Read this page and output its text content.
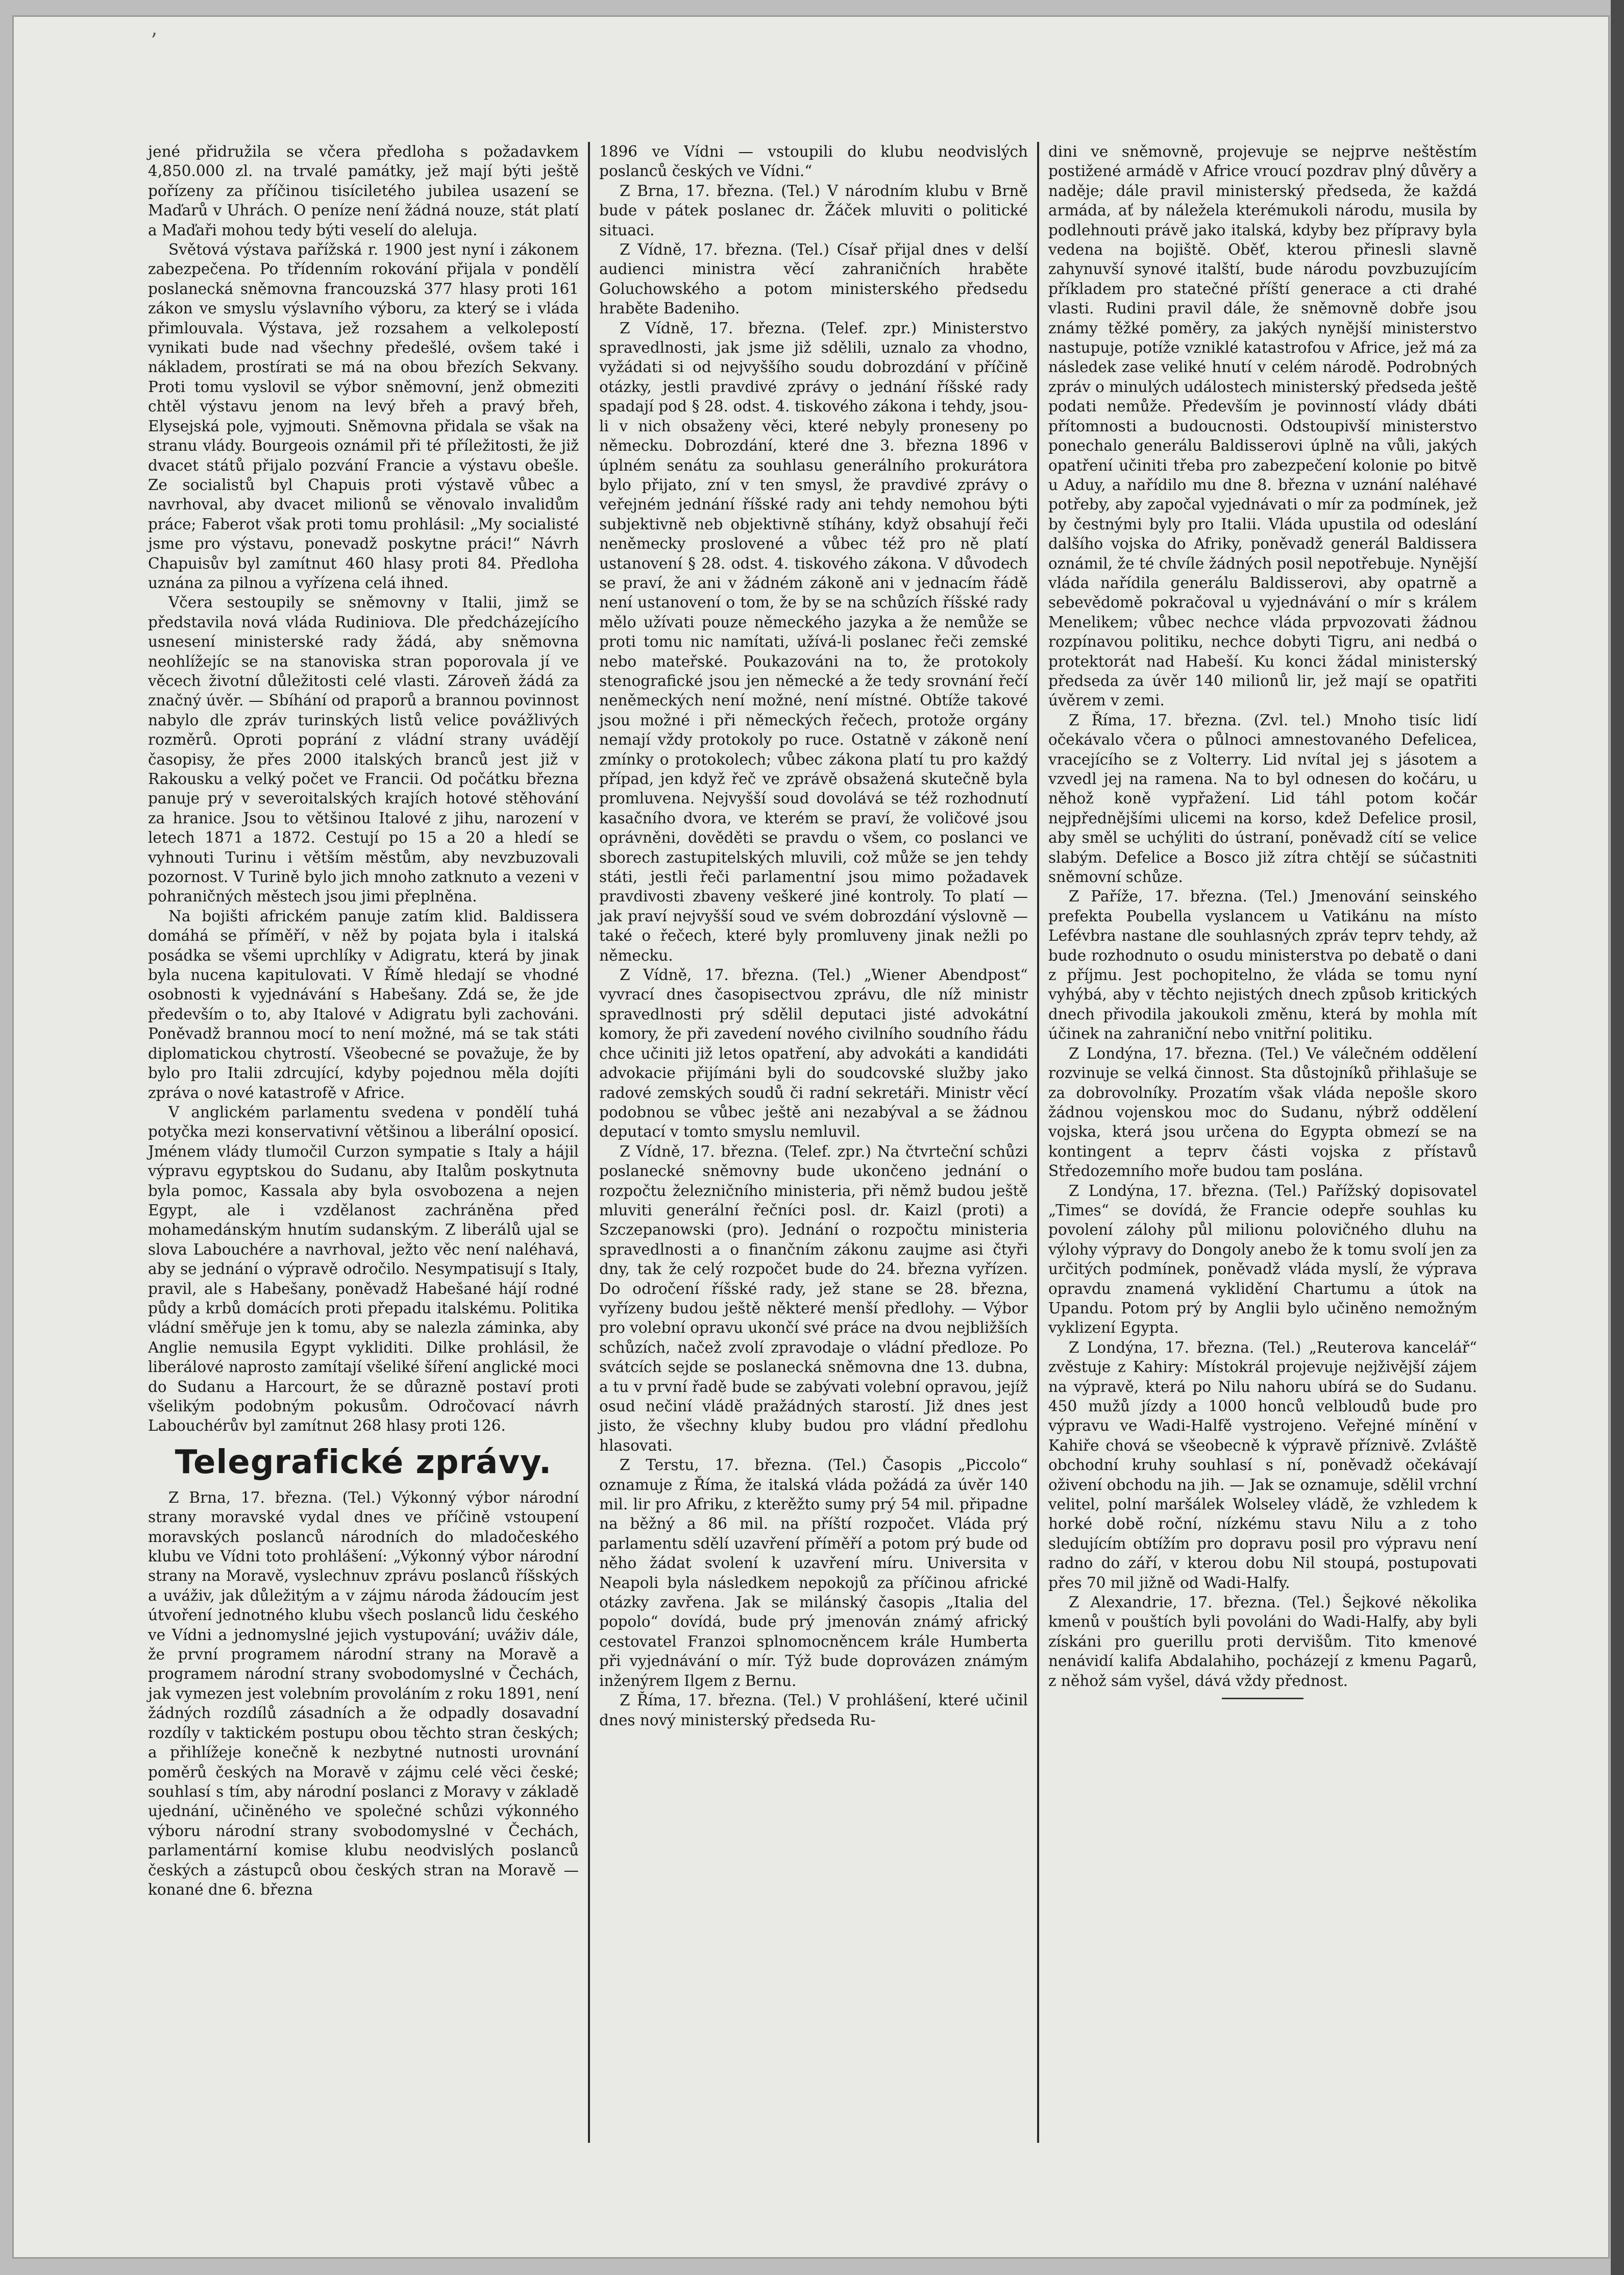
ʼ

jené přidružila se včera předloha s požadavkem 4,850.000 zl. na trvalé památky, jež mají býti ještě pořízeny za příčinou tisíciletého jubilea usazení se Maďarů v Uhrách. O peníze není žádná nouze, stát platí a Maďaři mohou tedy býti veselí do aleluja.

Světová výstava pařížská r. 1900 jest nyní i zákonem zabezpečena. Po třídenním rokování přijala v pondělí poslanecká sněmovna francouzská 377 hlasy proti 161 zákon ve smyslu výslavního výboru, za který se i vláda přimlouvala. Výstava, jež rozsahem a velkolepostí vynikati bude nad všechny předešlé, ovšem také i nákladem, prostírati se má na obou březích Sekvany. Proti tomu vyslovil se výbor sněmovní, jenž obmeziti chtěl výstavu jenom na levý břeh a pravý břeh, Elysejská pole, vyjmouti. Sněmovna přidala se však na stranu vlády. Bourgeois oznámil při té příležitosti, že již dvacet států přijalo pozvání Francie a výstavu obešle. Ze socialistů byl Chapuis proti výstavě vůbec a navrhoval, aby dvacet milionů se věnovalo invalidům práce; Faberot však proti tomu prohlásil: „My socialisté jsme pro výstavu, ponevadž poskytne práci!“ Návrh Chapuisův byl zamítnut 460 hlasy proti 84. Předloha uznána za pilnou a vyřízena celá ihned.

Včera sestoupily se sněmovny v Italii, jimž se představila nová vláda Rudiniova. Dle předcházejícího usnesení ministerské rady žádá, aby sněmovna neohlížejíc se na stanoviska stran poporovala jí ve věcech životní důležitosti celé vlasti. Zároveň žádá za značný úvěr. — Sbíhání od praporů a brannou povinnost nabylo dle zpráv turinských listů velice povážlivých rozměrů. Oproti poprání z vládní strany uvádějí časopisy, že přes 2000 italských branců jest již v Rakousku a velký počet ve Francii. Od počátku března panuje prý v severoitalských krajích hotové stěhování za hranice. Jsou to většinou Italové z jihu, narození v letech 1871 a 1872. Cestují po 15 a 20 a hledí se vyhnouti Turinu i větším městům, aby nevzbuzovali pozornost. V Turině bylo jich mnoho zatknuto a vezeni v pohraničných městech jsou jimi přeplněna.

Na bojišti africkém panuje zatím klid. Baldissera domáhá se příměří, v něž by pojata byla i italská posádka se všemi uprchlíky v Adigratu, která by jinak byla nucena kapitulovati. V Římě hledají se vhodné osobnosti k vyjednávání s Habešany. Zdá se, že jde především o to, aby Italové v Adigratu byli zachováni. Poněvadž brannou mocí to není možné, má se tak státi diplomatickou chytrostí. Všeobecné se považuje, že by bylo pro Italii zdrcující, kdyby pojednou měla dojíti zpráva o nové katastrofě v Africe.

V anglickém parlamentu svedena v pondělí tuhá potyčka mezi konservativní většinou a liberální oposicí. Jménem vlády tlumočil Curzon sympatie s Italy a hájil výpravu egyptskou do Sudanu, aby Italům poskytnuta byla pomoc, Kassala aby byla osvobozena a nejen Egypt, ale i vzdělanost zachráněna před mohamedánským hnutím sudanským. Z liberálů ujal se slova Labouchére a navrhoval, ježto věc není naléhavá, aby se jednání o výpravě odročilo. Nesympatisují s Italy, pravil, ale s Habešany, poněvadž Habešané hájí rodné půdy a krbů domácích proti přepadu italskému. Politika vládní směřuje jen k tomu, aby se nalezla záminka, aby Anglie nemusila Egypt vykliditi. Dilke prohlásil, že liberálové naprosto zamítají všeliké šíření anglické moci do Sudanu a Harcourt, že se důrazně postaví proti všelikým podobným pokusům. Odročovací návrh Labouchérův byl zamítnut 268 hlasy proti 126.

Telegrafické zprávy.

Z Brna, 17. března. (Tel.) Výkonný výbor národní strany moravské vydal dnes ve příčině vstoupení moravských poslanců národních do mladočeského klubu ve Vídni toto prohlášení: „Výkonný výbor národní strany na Moravě, vyslechnuv zprávu poslanců říšských a uváživ, jak důležitým a v zájmu národa žádoucím jest útvoření jednotného klubu všech poslanců lidu českého ve Vídni a jednomyslné jejich vystupování; uváživ dále, že první programem národní strany na Moravě a programem národní strany svobodomyslné v Čechách, jak vymezen jest volebním provoláním z roku 1891, není žádných rozdílů zásadních a že odpadly dosavadní rozdíly v taktickém postupu obou těchto stran českých; a přihlížeje konečně k nezbytné nutnosti urovnání poměrů českých na Moravě v zájmu celé věci české; souhlasí s tím, aby národní poslanci z Moravy v základě ujednání, učiněného ve společné schůzi výkonného výboru národní strany svobodomyslné v Čechách, parlamentární komise klubu neodvislých poslanců českých a zástupců obou českých stran na Moravě — konané dne 6. března

1896 ve Vídni — vstoupili do klubu neodvislých poslanců českých ve Vídni.“

Z Brna, 17. března. (Tel.) V národním klubu v Brně bude v pátek poslanec dr. Žáček mluviti o politické situaci.

Z Vídně, 17. března. (Tel.) Císař přijal dnes v delší audienci ministra věcí zahraničních hraběte Goluchowského a potom ministerského předsedu hraběte Badeniho.

Z Vídně, 17. března. (Telef. zpr.) Ministerstvo spravedlnosti, jak jsme již sdělili, uznalo za vhodno, vyžádati si od nejvyššího soudu dobrozdání v příčině otázky, jestli pravdivé zprávy o jednání říšské rady spadají pod § 28. odst. 4. tiskového zákona i tehdy, jsou-li v nich obsaženy věci, které nebyly proneseny po německu. Dobrozdání, které dne 3. března 1896 v úplném senátu za souhlasu generálního prokurátora bylo přijato, zní v ten smysl, že pravdivé zprávy o veřejném jednání říšské rady ani tehdy nemohou býti subjektivně neb objektivně stíhány, když obsahují řeči neněmecky proslovené a vůbec též pro ně platí ustanovení § 28. odst. 4. tiskového zákona. V důvodech se praví, že ani v žádném zákoně ani v jednacím řádě není ustanovení o tom, že by se na schůzích říšské rady mělo užívati pouze německého jazyka a že nemůže se proti tomu nic namítati, užívá-li poslanec řeči zemské nebo mateřské. Poukazováni na to, že protokoly stenografické jsou jen německé a že tedy srovnání řečí neněmeckých není možné, není místné. Obtíže takové jsou možné i při německých řečech, protože orgány nemají vždy protokoly po ruce. Ostatně v zákoně není zmínky o protokolech; vůbec zákona platí tu pro každý případ, jen když řeč ve zprávě obsažená skutečně byla promluvena. Nejvyšší soud dovolává se též rozhodnutí kasačního dvora, ve kterém se praví, že voličové jsou oprávněni, dověděti se pravdu o všem, co poslanci ve sborech zastupitelských mluvili, což může se jen tehdy státi, jestli řeči parlamentní jsou mimo požadavek pravdivosti zbaveny veškeré jiné kontroly. To platí — jak praví nejvyšší soud ve svém dobrozdání výslovně — také o řečech, které byly promluveny jinak nežli po německu.

Z Vídně, 17. března. (Tel.) „Wiener Abendpost“ vyvrací dnes časopisectvou zprávu, dle níž ministr spravedlnosti prý sdělil deputaci jisté advokátní komory, že při zavedení nového civilního soudního řádu chce učiniti již letos opatření, aby advokáti a kandidáti advokacie přijímáni byli do soudcovské služby jako radové zemských soudů či radní sekretáři. Ministr věcí podobnou se vůbec ještě ani nezabýval a se žádnou deputací v tomto smyslu nemluvil.

Z Vídně, 17. března. (Telef. zpr.) Na čtvrteční schůzi poslanecké sněmovny bude ukončeno jednání o rozpočtu železničního ministeria, při němž budou ještě mluviti generální řečníci posl. dr. Kaizl (proti) a Szczepanowski (pro). Jednání o rozpočtu ministeria spravedlnosti a o finančním zákonu zaujme asi čtyři dny, tak že celý rozpočet bude do 24. března vyřízen. Do odročení říšské rady, jež stane se 28. března, vyřízeny budou ještě některé menší předlohy. — Výbor pro volební opravu ukončí své práce na dvou nejbližších schůzích, načež zvolí zpravodaje o vládní předloze. Po svátcích sejde se poslanecká sněmovna dne 13. dubna, a tu v první řadě bude se zabývati volební opravou, jejíž osud nečiní vládě pražádných starostí. Již dnes jest jisto, že všechny kluby budou pro vládní předlohu hlasovati.

Z Terstu, 17. března. (Tel.) Časopis „Piccolo“ oznamuje z Říma, že italská vláda požádá za úvěr 140 mil. lir pro Afriku, z kterěžto sumy prý 54 mil. připadne na běžný a 86 mil. na příští rozpočet. Vláda prý parlamentu sdělí uzavření příměří a potom prý bude od něho žádat svolení k uzavření míru. Universita v Neapoli byla následkem nepokojů za příčinou africké otázky zavřena. Jak se milánský časopis „Italia del popolo“ dovídá, bude prý jmenován známý africký cestovatel Franzoi splnomocněncem krále Humberta při vyjednávání o mír. Týž bude doprovázen známým inženýrem Ilgem z Bernu.

Z Říma, 17. března. (Tel.) V prohlášení, které učinil dnes nový ministerský předseda Ru-

dini ve sněmovně, projevuje se nejprve neštěstím postižené armádě v Africe vroucí pozdrav plný důvěry a naděje; dále pravil ministerský předseda, že každá armáda, ať by náležela kterémukoli národu, musila by podlehnouti právě jako italská, kdyby bez přípravy byla vedena na bojiště. Oběť, kterou přinesli slavně zahynuvší synové italští, bude národu povzbuzujícím příkladem pro statečné příští generace a cti drahé vlasti. Rudini pravil dále, že sněmovně dobře jsou známy těžké poměry, za jakých nynější ministerstvo nastupuje, potíže vzniklé katastrofou v Africe, jež má za následek zase veliké hnutí v celém národě. Podrobných zpráv o minulých událostech ministerský předseda ještě podati nemůže. Především je povinností vlády dbáti přítomnosti a budoucnosti. Odstoupivší ministerstvo ponechalo generálu Baldisserovi úplně na vůli, jakých opatření učiniti třeba pro zabezpečení kolonie po bitvě u Aduy, a nařídilo mu dne 8. března v uznání naléhavé potřeby, aby započal vyjednávati o mír za podmínek, jež by čestnými byly pro Italii. Vláda upustila od odeslání dalšího vojska do Afriky, poněvadž generál Baldissera oznámil, že té chvíle žádných posil nepotřebuje. Nynější vláda nařídila generálu Baldisserovi, aby opatrně a sebevědomě pokračoval u vyjednávání o mír s králem Menelikem; vůbec nechce vláda prpvozovati žádnou rozpínavou politiku, nechce dobyti Tigru, ani nedbá o protektorát nad Habeší. Ku konci žádal ministerský předseda za úvěr 140 milionů lir, jež mají se opatřiti úvěrem v zemi.

Z Říma, 17. března. (Zvl. tel.) Mnoho tisíc lidí očekávalo včera o půlnoci amnestovaného Defelicea, vracejícího se z Volterry. Lid nvítal jej s jásotem a vzvedl jej na ramena. Na to byl odnesen do kočáru, u něhož koně vypřažení. Lid táhl potom kočár nejpřednějšími ulicemi na korso, kdež Defelice prosil, aby směl se uchýliti do ústraní, poněvadž cítí se velice slabým. Defelice a Bosco již zítra chtějí se súčastniti sněmovní schůze.

Z Paříže, 17. března. (Tel.) Jmenování seinského prefekta Poubella vyslancem u Vatikánu na místo Lefévbra nastane dle souhlasných zpráv teprv tehdy, až bude rozhodnuto o osudu ministerstva po debatě o dani z příjmu. Jest pochopitelno, že vláda se tomu nyní vyhýbá, aby v těchto nejistých dnech způsob kritických dnech přivodila jakoukoli změnu, která by mohla mít účinek na zahraniční nebo vnitřní politiku.

Z Londýna, 17. března. (Tel.) Ve válečném oddělení rozvinuje se velká činnost. Sta důstojníků přihlašuje se za dobrovolníky. Prozatím však vláda nepošle skoro žádnou vojenskou moc do Sudanu, nýbrž oddělení vojska, která jsou určena do Egypta obmezí se na kontingent a teprv části vojska z přístavů Středozemního moře budou tam poslána.

Z Londýna, 17. března. (Tel.) Pařížský dopisovatel „Times“ se dovídá, že Francie odepře souhlas ku povolení zálohy půl milionu polovičného dluhu na výlohy výpravy do Dongoly anebo že k tomu svolí jen za určitých podmínek, poněvadž vláda myslí, že výprava opravdu znamená vyklidění Chartumu a útok na Upandu. Potom prý by Anglii bylo učiněno nemožným vyklizení Egypta.

Z Londýna, 17. března. (Tel.) „Reuterova kancelář“ zvěstuje z Kahiry: Místokrál projevuje nejživější zájem na výpravě, která po Nilu nahoru ubírá se do Sudanu. 450 mužů jízdy a 1000 honců velbloudů bude pro výpravu ve Wadi-Halfě vystrojeno. Veřejné mínění v Kahiře chová se všeobecně k výpravě příznivě. Zvláště obchodní kruhy souhlasí s ní, poněvadž očekávají oživení obchodu na jih. — Jak se oznamuje, sdělil vrchní velitel, polní maršálek Wolseley vládě, že vzhledem k horké době roční, nízkému stavu Nilu a z toho sledujícím obtížím pro dopravu posil pro výpravu není radno do září, v kterou dobu Nil stoupá, postupovati přes 70 mil jižně od Wadi-Halfy.

Z Alexandrie, 17. března. (Tel.) Šejkové několika kmenů v pouštích byli povoláni do Wadi-Halfy, aby byli získáni pro guerillu proti dervišům. Tito kmenové nenávidí kalifa Abdalahiho, pocházejí z kmenu Pagarů, z něhož sám vyšel, dává vždy přednost.
